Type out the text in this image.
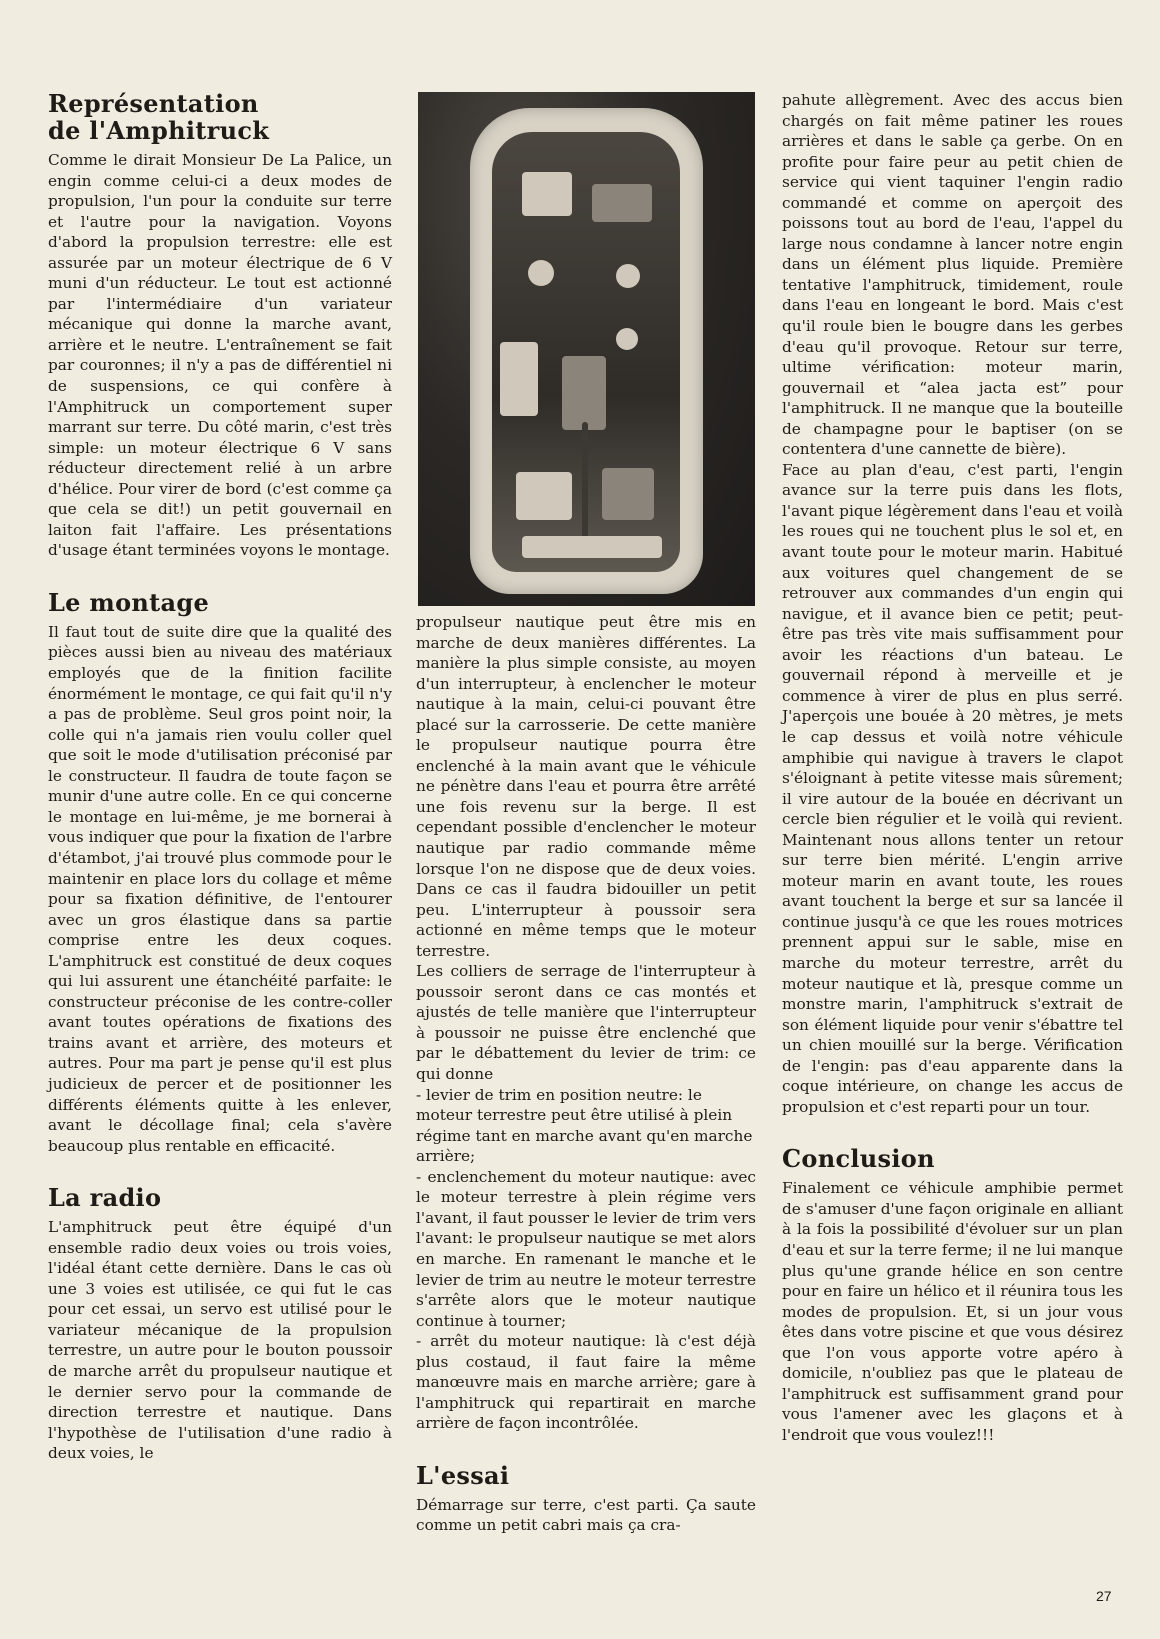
Représentation de l'Amphitruck

Comme le dirait Monsieur De La Palice, un engin comme celui-ci a deux modes de propulsion, l'un pour la conduite sur terre et l'autre pour la navigation. Voyons d'abord la propulsion terrestre: elle est assurée par un moteur électrique de 6 V muni d'un réducteur. Le tout est actionné par l'intermédiaire d'un variateur mécanique qui donne la marche avant, arrière et le neutre. L'entraînement se fait par couronnes; il n'y a pas de différentiel ni de suspensions, ce qui confère à l'Amphitruck un comportement super marrant sur terre. Du côté marin, c'est très simple: un moteur électrique 6 V sans réducteur directement relié à un arbre d'hélice. Pour virer de bord (c'est comme ça que cela se dit!) un petit gouvernail en laiton fait l'affaire. Les présentations d'usage étant terminées voyons le montage.

Le montage

Il faut tout de suite dire que la qualité des pièces aussi bien au niveau des matériaux employés que de la finition facilite énormément le montage, ce qui fait qu'il n'y a pas de problème. Seul gros point noir, la colle qui n'a jamais rien voulu coller quel que soit le mode d'utilisation préconisé par le constructeur. Il faudra de toute façon se munir d'une autre colle. En ce qui concerne le montage en lui-même, je me bornerai à vous indiquer que pour la fixation de l'arbre d'étambot, j'ai trouvé plus commode pour le maintenir en place lors du collage et même pour sa fixation définitive, de l'entourer avec un gros élastique dans sa partie comprise entre les deux coques. L'amphitruck est constitué de deux coques qui lui assurent une étanchéité parfaite: le constructeur préconise de les contre-coller avant toutes opérations de fixations des trains avant et arrière, des moteurs et autres. Pour ma part je pense qu'il est plus judicieux de percer et de positionner les différents éléments quitte à les enlever, avant le décollage final; cela s'avère beaucoup plus rentable en efficacité.

La radio

L'amphitruck peut être équipé d'un ensemble radio deux voies ou trois voies, l'idéal étant cette dernière. Dans le cas où une 3 voies est utilisée, ce qui fut le cas pour cet essai, un servo est utilisé pour le variateur mécanique de la propulsion terrestre, un autre pour le bouton poussoir de marche arrêt du propulseur nautique et le dernier servo pour la commande de direction terrestre et nautique. Dans l'hypothèse de l'utilisation d'une radio à deux voies, le

propulseur nautique peut être mis en marche de deux manières différentes. La manière la plus simple consiste, au moyen d'un interrupteur, à enclencher le moteur nautique à la main, celui-ci pouvant être placé sur la carrosserie. De cette manière le propulseur nautique pourra être enclenché à la main avant que le véhicule ne pénètre dans l'eau et pourra être arrêté une fois revenu sur la berge. Il est cependant possible d'enclencher le moteur nautique par radio commande même lorsque l'on ne dispose que de deux voies. Dans ce cas il faudra bidouiller un petit peu. L'interrupteur à poussoir sera actionné en même temps que le moteur terrestre.

Les colliers de serrage de l'interrupteur à poussoir seront dans ce cas montés et ajustés de telle manière que l'interrupteur à poussoir ne puisse être enclenché que par le débattement du levier de trim: ce qui donne

- levier de trim en position neutre: le moteur terrestre peut être utilisé à plein régime tant en marche avant qu'en marche arrière;

- enclenchement du moteur nautique: avec le moteur terrestre à plein régime vers l'avant, il faut pousser le levier de trim vers l'avant: le propulseur nautique se met alors en marche. En ramenant le manche et le levier de trim au neutre le moteur terrestre s'arrête alors que le moteur nautique continue à tourner;

- arrêt du moteur nautique: là c'est déjà plus costaud, il faut faire la même manœuvre mais en marche arrière; gare à l'amphitruck qui repartirait en marche arrière de façon incontrôlée.

L'essai

Démarrage sur terre, c'est parti. Ça saute comme un petit cabri mais ça cra-

pahute allègrement. Avec des accus bien chargés on fait même patiner les roues arrières et dans le sable ça gerbe. On en profite pour faire peur au petit chien de service qui vient taquiner l'engin radio commandé et comme on aperçoit des poissons tout au bord de l'eau, l'appel du large nous condamne à lancer notre engin dans un élément plus liquide. Première tentative l'amphitruck, timidement, roule dans l'eau en longeant le bord. Mais c'est qu'il roule bien le bougre dans les gerbes d'eau qu'il provoque. Retour sur terre, ultime vérification: moteur marin, gouvernail et “alea jacta est” pour l'amphitruck. Il ne manque que la bouteille de champagne pour le baptiser (on se contentera d'une cannette de bière).

Face au plan d'eau, c'est parti, l'engin avance sur la terre puis dans les flots, l'avant pique légèrement dans l'eau et voilà les roues qui ne touchent plus le sol et, en avant toute pour le moteur marin. Habitué aux voitures quel changement de se retrouver aux commandes d'un engin qui navigue, et il avance bien ce petit; peut-être pas très vite mais suffisamment pour avoir les réactions d'un bateau. Le gouvernail répond à merveille et je commence à virer de plus en plus serré. J'aperçois une bouée à 20 mètres, je mets le cap dessus et voilà notre véhicule amphibie qui navigue à travers le clapot s'éloignant à petite vitesse mais sûrement; il vire autour de la bouée en décrivant un cercle bien régulier et le voilà qui revient. Maintenant nous allons tenter un retour sur terre bien mérité. L'engin arrive moteur marin en avant toute, les roues avant touchent la berge et sur sa lancée il continue jusqu'à ce que les roues motrices prennent appui sur le sable, mise en marche du moteur terrestre, arrêt du moteur nautique et là, presque comme un monstre marin, l'amphitruck s'extrait de son élément liquide pour venir s'ébattre tel un chien mouillé sur la berge. Vérification de l'engin: pas d'eau apparente dans la coque intérieure, on change les accus de propulsion et c'est reparti pour un tour.

Conclusion

Finalement ce véhicule amphibie permet de s'amuser d'une façon originale en alliant à la fois la possibilité d'évoluer sur un plan d'eau et sur la terre ferme; il ne lui manque plus qu'une grande hélice en son centre pour en faire un hélico et il réunira tous les modes de propulsion. Et, si un jour vous êtes dans votre piscine et que vous désirez que l'on vous apporte votre apéro à domicile, n'oubliez pas que le plateau de l'amphitruck est suffisamment grand pour vous l'amener avec les glaçons et à l'endroit que vous voulez!!!

27
